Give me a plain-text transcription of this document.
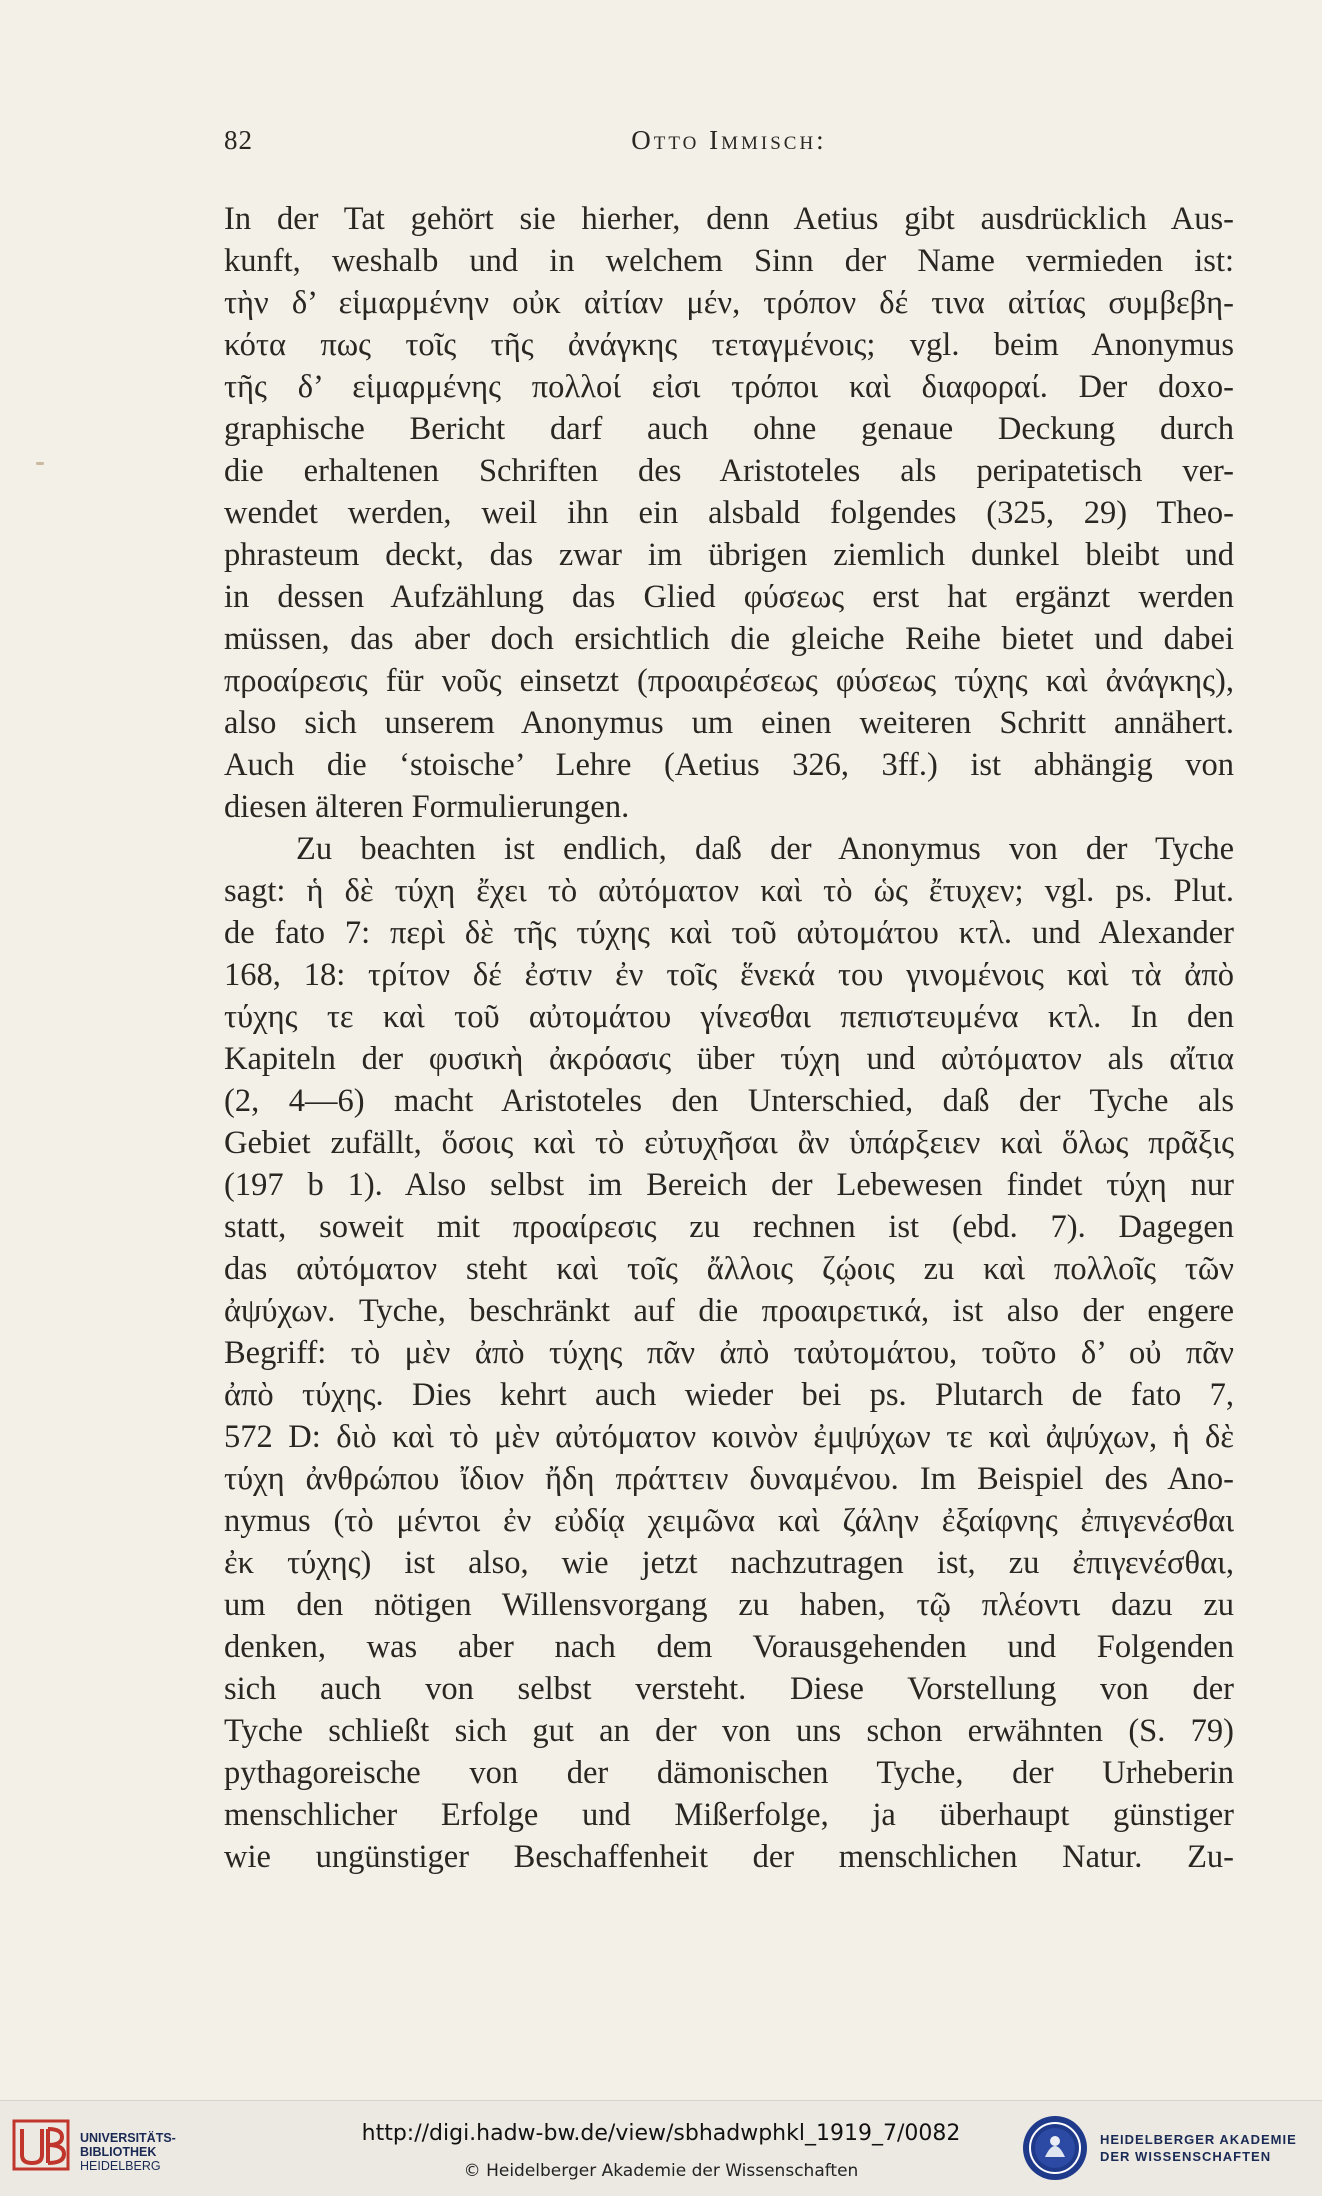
82	Otto Immisch:
In der Tat gehört sie hierher, denn Aetius gibt ausdrücklich Aus-
kunft, weshalb und in welchem Sinn der Name vermieden ist:
τὴν δ’ εἱμαρμένην οὐκ αἰτίαν μέν, τρόπον δέ τινα αἰτίας συμβεβη-
κότα πως τοῖς τῆς ἀνάγκης τεταγμένοις; vgl. beim Anonymus
τῆς δ’ εἱμαρμένης πολλοί εἰσι τρόποι καὶ διαφοραί. Der doxo-
graphische Bericht darf auch ohne genaue Deckung durch
die erhaltenen Schriften des Aristoteles als peripatetisch ver-
wendet werden, weil ihn ein alsbald folgendes (325, 29) Theo-
phrasteum deckt, das zwar im übrigen ziemlich dunkel bleibt und
in dessen Aufzählung das Glied φύσεως erst hat ergänzt werden
müssen, das aber doch ersichtlich die gleiche Reihe bietet und dabei
προαίρεσις für νοῦς einsetzt (προαιρέσεως φύσεως τύχης καὶ ἀνάγκης),
also sich unserem Anonymus um einen weiteren Schritt annähert.
Auch die ‘stoische’ Lehre (Aetius 326, 3ff.) ist abhängig von
diesen älteren Formulierungen.
Zu beachten ist endlich, daß der Anonymus von der Tyche
sagt: ἡ δὲ τύχη ἔχει τὸ αὐτόματον καὶ τὸ ὡς ἔτυχεν; vgl. ps. Plut.
de fato 7: περὶ δὲ τῆς τύχης καὶ τοῦ αὐτομάτου κτλ. und Alexander
168, 18: τρίτον δέ ἐστιν ἐν τοῖς ἕνεκά του γινομένοις καὶ τὰ ἀπὸ
τύχης τε καὶ τοῦ αὐτομάτου γίνεσθαι πεπιστευμένα κτλ. In den
Kapiteln der φυσικὴ ἀκρόασις über τύχη und αὐτόματον als αἴτια
(2, 4—6) macht Aristoteles den Unterschied, daß der Tyche als
Gebiet zufällt, ὅσοις καὶ τὸ εὐτυχῆσαι ἂν ὑπάρξειεν καὶ ὅλως πρᾶξις
(197 b 1). Also selbst im Bereich der Lebewesen findet τύχη nur
statt, soweit mit προαίρεσις zu rechnen ist (ebd. 7). Dagegen
das αὐτόματον steht καὶ τοῖς ἄλλοις ζῴοις zu καὶ πολλοῖς τῶν
ἀψύχων. Tyche, beschränkt auf die προαιρετικά, ist also der engere
Begriff: τὸ μὲν ἀπὸ τύχης πᾶν ἀπὸ ταὐτομάτου, τοῦτο δ’ οὐ πᾶν
ἀπὸ τύχης. Dies kehrt auch wieder bei ps. Plutarch de fato 7,
572 D: διὸ καὶ τὸ μὲν αὐτόματον κοινὸν ἐμψύχων τε καὶ ἀψύχων, ἡ δὲ
τύχη ἀνθρώπου ἴδιον ἤδη πράττειν δυναμένου. Im Beispiel des Ano-
nymus (τὸ μέντοι ἐν εὐδίᾳ χειμῶνα καὶ ζάλην ἐξαίφνης ἐπιγενέσθαι
ἐκ τύχης) ist also, wie jetzt nachzutragen ist, zu ἐπιγενέσθαι,
um den nötigen Willensvorgang zu haben, τῷ πλέοντι dazu zu
denken, was aber nach dem Vorausgehenden und Folgenden
sich auch von selbst versteht. Diese Vorstellung von der
Tyche schließt sich gut an der von uns schon erwähnten (S. 79)
pythagoreische von der dämonischen Tyche, der Urheberin
menschlicher Erfolge und Mißerfolge, ja überhaupt günstiger
wie ungünstiger Beschaffenheit der menschlichen Natur. Zu-
UNIVERSITÄTS-
BIBLIOTHEK
HEIDELBERG
http://digi.hadw-bw.de/view/sbhadwphkl_1919_7/0082
© Heidelberger Akademie der Wissenschaften
HEIDELBERGER AKADEMIE
DER WISSENSCHAFTEN
